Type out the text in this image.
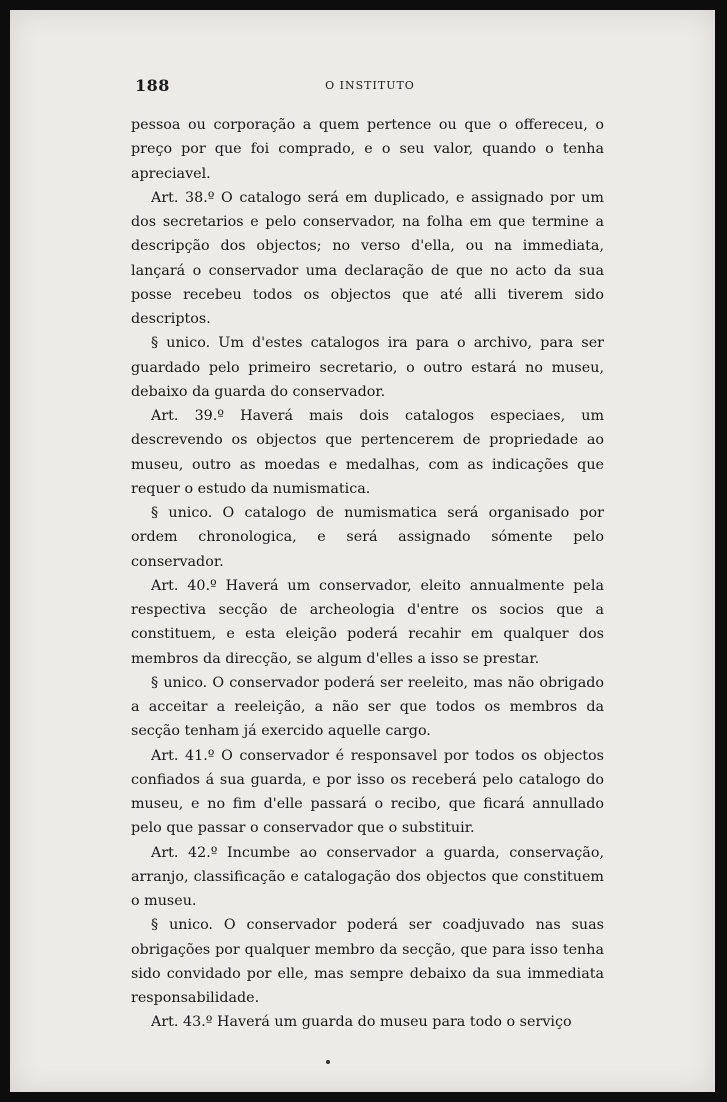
188	O INSTITUTO

pessoa ou corporação a quem pertence ou que o offereceu, o preço por que foi comprado, e o seu valor, quando o tenha apreciavel.

Art. 38.º O catalogo será em duplicado, e assignado por um dos secretarios e pelo conservador, na folha em que termine a descripção dos objectos; no verso d'ella, ou na immediata, lançará o conservador uma declaração de que no acto da sua posse recebeu todos os objectos que até alli tiverem sido descriptos.

§ unico. Um d'estes catalogos ira para o archivo, para ser guardado pelo primeiro secretario, o outro estará no museu, debaixo da guarda do conservador.

Art. 39.º Haverá mais dois catalogos especiaes, um descrevendo os objectos que pertencerem de propriedade ao museu, outro as moedas e medalhas, com as indicações que requer o estudo da numismatica.

§ unico. O catalogo de numismatica será organisado por ordem chronologica, e será assignado sómente pelo conservador.

Art. 40.º Haverá um conservador, eleito annualmente pela respectiva secção de archeologia d'entre os socios que a constituem, e esta eleição poderá recahir em qualquer dos membros da direcção, se algum d'elles a isso se prestar.

§ unico. O conservador poderá ser reeleito, mas não obrigado a acceitar a reeleição, a não ser que todos os membros da secção tenham já exercido aquelle cargo.

Art. 41.º O conservador é responsavel por todos os objectos confiados á sua guarda, e por isso os receberá pelo catalogo do museu, e no fim d'elle passará o recibo, que ficará annullado pelo que passar o conservador que o substituir.

Art. 42.º Incumbe ao conservador a guarda, conservação, arranjo, classificação e catalogação dos objectos que constituem o museu.

§ unico. O conservador poderá ser coadjuvado nas suas obrigações por qualquer membro da secção, que para isso tenha sido convidado por elle, mas sempre debaixo da sua immediata responsabilidade.

Art. 43.º Haverá um guarda do museu para todo o serviço
